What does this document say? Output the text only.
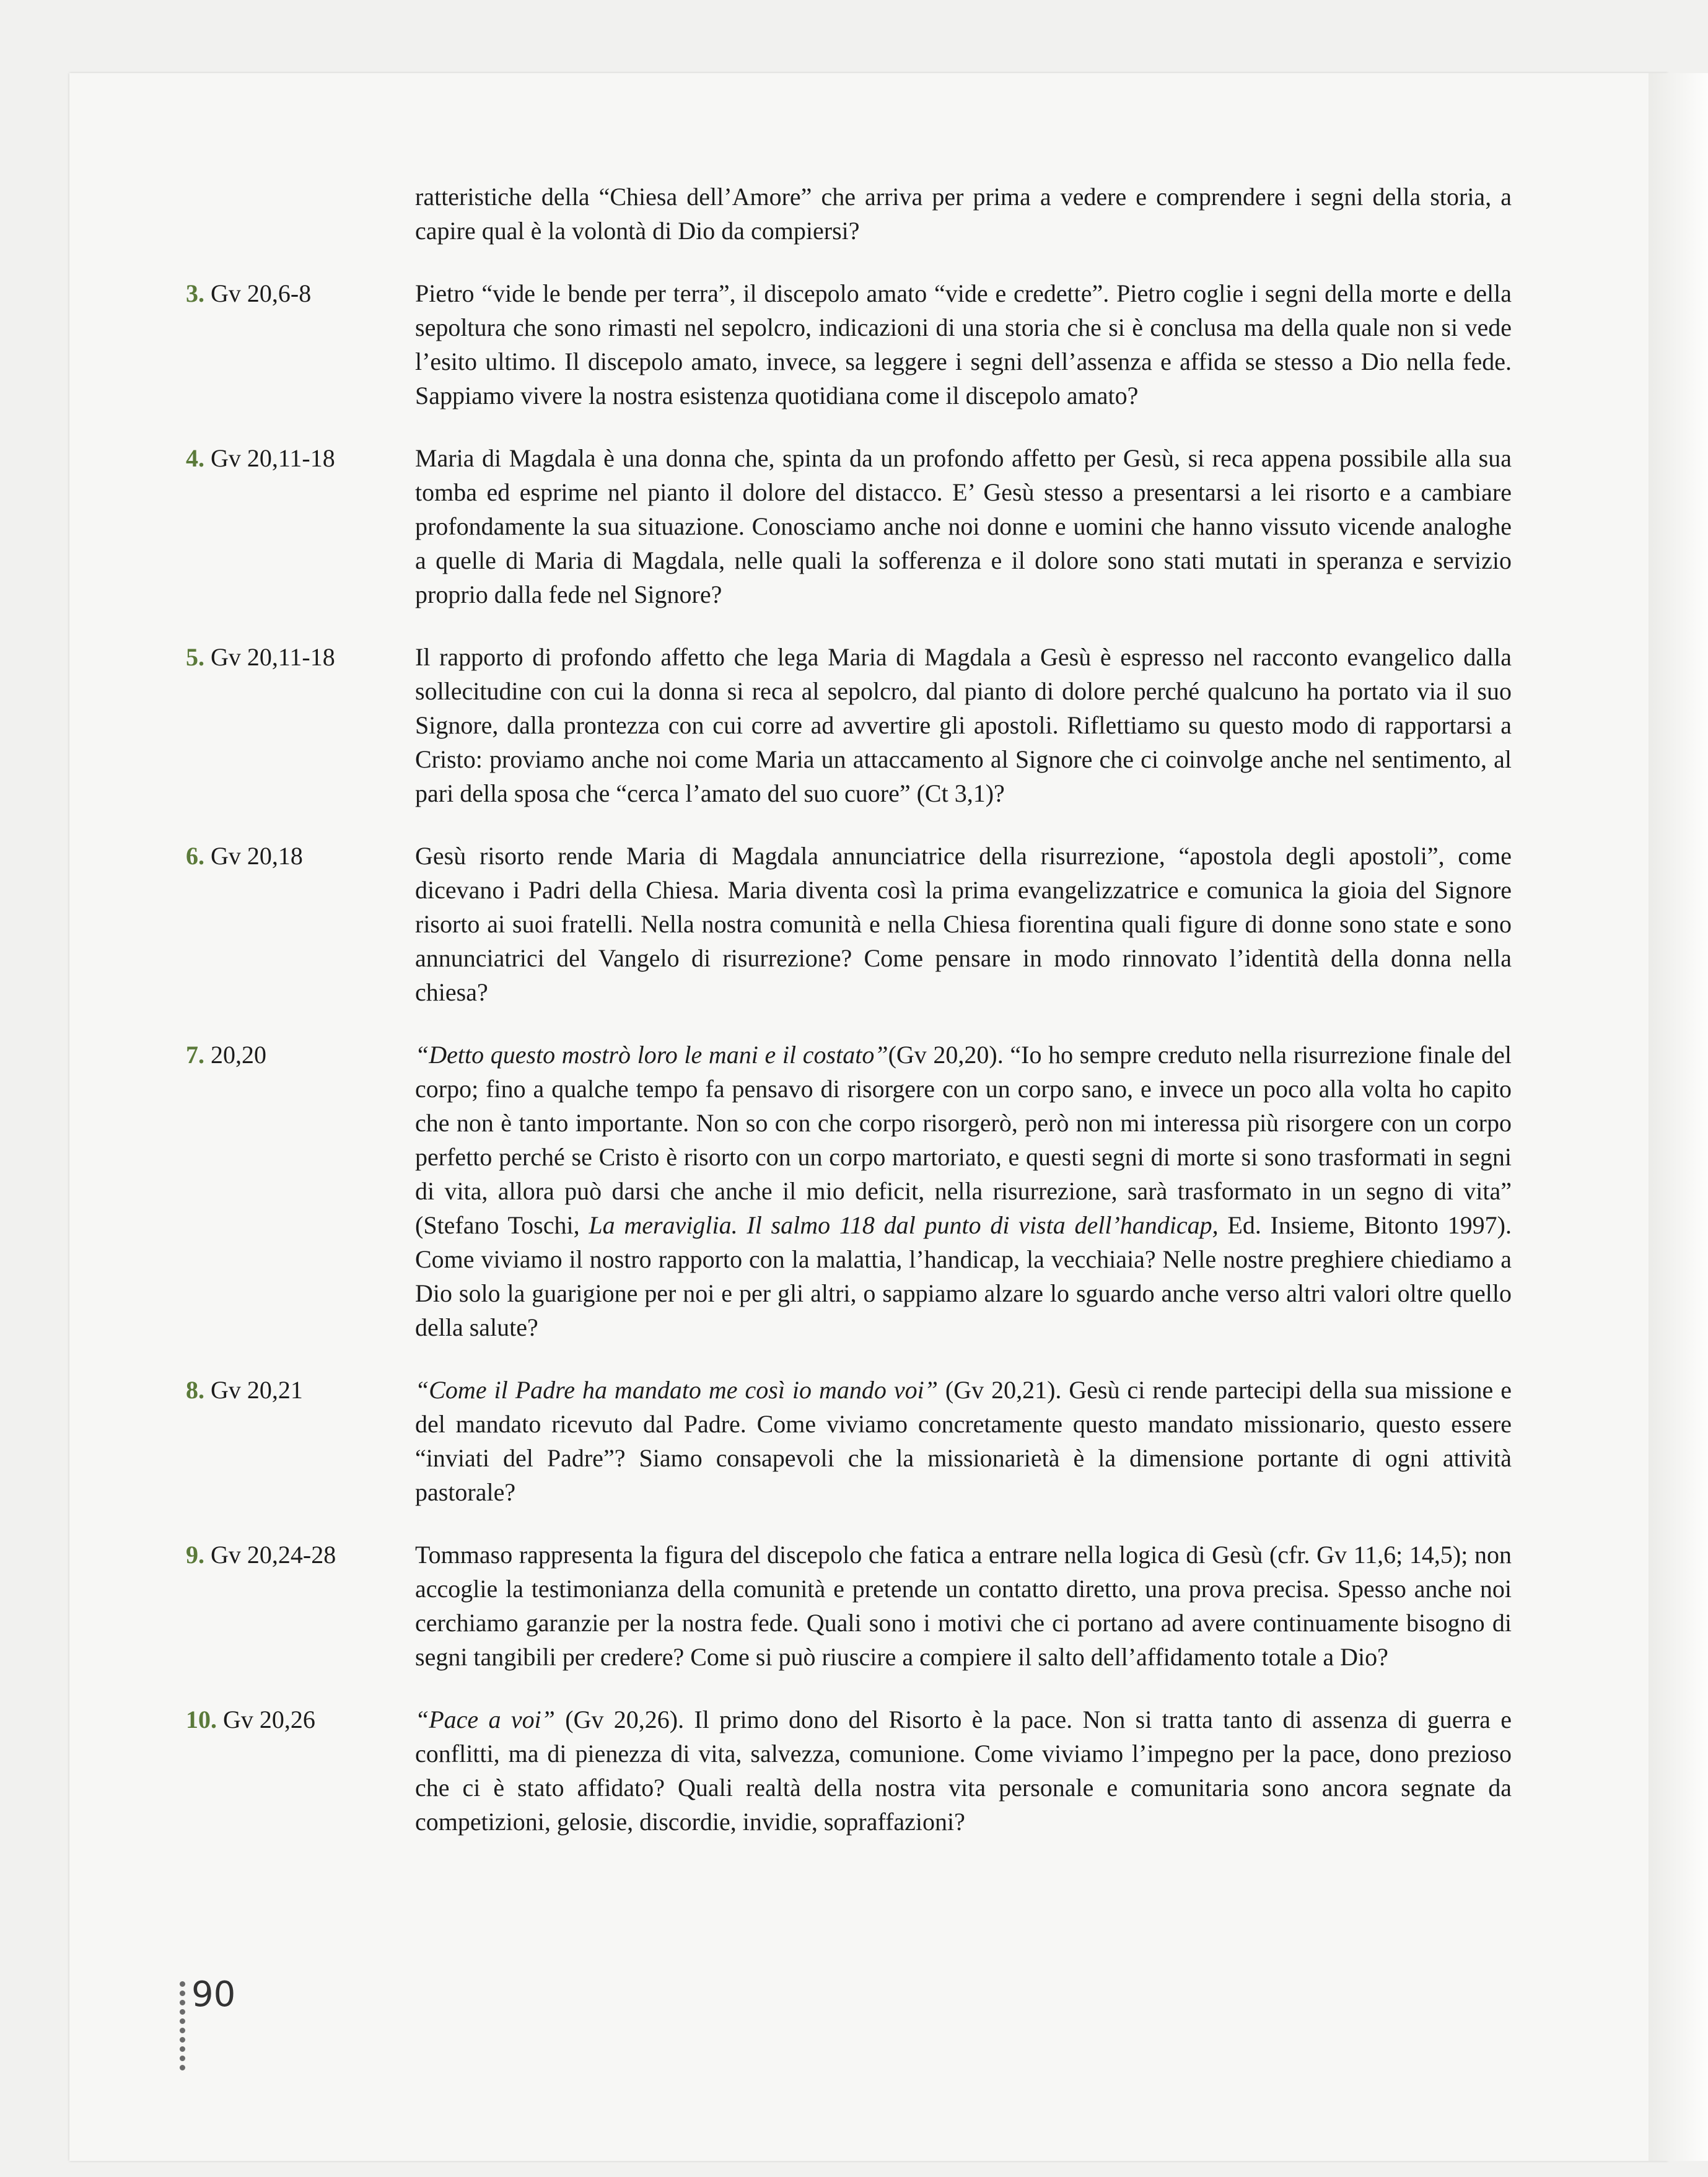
ratteristiche della “Chiesa dell’Amore” che arriva per prima a vedere e comprendere i segni della storia, a capire qual è la volontà di Dio da compiersi?
3. Gv 20,6-8	Pietro “vide le bende per terra”, il discepolo amato “vide e credette”. Pietro coglie i segni della morte e della sepoltura che sono rimasti nel sepolcro, indicazioni di una storia che si è conclusa ma della quale non si vede l’esito ultimo. Il discepolo amato, invece, sa leggere i segni dell’assenza e affida se stesso a Dio nella fede. Sappiamo vivere la nostra esistenza quotidiana come il discepolo amato?
4. Gv 20,11-18	Maria di Magdala è una donna che, spinta da un profondo affetto per Gesù, si reca appena possibile alla sua tomba ed esprime nel pianto il dolore del distacco. E’ Gesù stesso a presentarsi a lei risorto e a cambiare profondamente la sua situazione. Conosciamo anche noi donne e uomini che hanno vissuto vicende analoghe a quelle di Maria di Magdala, nelle quali la sofferenza e il dolore sono stati mutati in speranza e servizio proprio dalla fede nel Signore?
5. Gv 20,11-18	Il rapporto di profondo affetto che lega Maria di Magdala a Gesù è espresso nel racconto evangelico dalla sollecitudine con cui la donna si reca al sepolcro, dal pianto di dolore perché qualcuno ha portato via il suo Signore, dalla prontezza con cui corre ad avvertire gli apostoli. Riflettiamo su questo modo di rapportarsi a Cristo: proviamo anche noi come Maria un attaccamento al Signore che ci coinvolge anche nel sentimento, al pari della sposa che “cerca l’amato del suo cuore” (Ct 3,1)?
6. Gv 20,18	Gesù risorto rende Maria di Magdala annunciatrice della risurrezione, “apostola degli apostoli”, come dicevano i Padri della Chiesa. Maria diventa così la prima evangelizzatrice e comunica la gioia del Signore risorto ai suoi fratelli. Nella nostra comunità e nella Chiesa fiorentina quali figure di donne sono state e sono annunciatrici del Vangelo di risurrezione? Come pensare in modo rinnovato l’identità della donna nella chiesa?
7. 20,20	“Detto questo mostrò loro le mani e il costato”(Gv 20,20). “Io ho sempre creduto nella risurrezione finale del corpo; fino a qualche tempo fa pensavo di risorgere con un corpo sano, e invece un poco alla volta ho capito che non è tanto importante. Non so con che corpo risorgerò, però non mi interessa più risorgere con un corpo perfetto perché se Cristo è risorto con un corpo martoriato, e questi segni di morte si sono trasformati in segni di vita, allora può darsi che anche il mio deficit, nella risurrezione, sarà trasformato in un segno di vita” (Stefano Toschi, La meraviglia. Il salmo 118 dal punto di vista dell’handicap, Ed. Insieme, Bitonto 1997). Come viviamo il nostro rapporto con la malattia, l’handicap, la vecchiaia? Nelle nostre preghiere chiediamo a Dio solo la guarigione per noi e per gli altri, o sappiamo alzare lo sguardo anche verso altri valori oltre quello della salute?
8. Gv 20,21	“Come il Padre ha mandato me così io mando voi” (Gv 20,21). Gesù ci rende partecipi della sua missione e del mandato ricevuto dal Padre. Come viviamo concretamente questo mandato missionario, questo essere “inviati del Padre”? Siamo consapevoli che la missionarietà è la dimensione portante di ogni attività pastorale?
9. Gv 20,24-28	Tommaso rappresenta la figura del discepolo che fatica a entrare nella logica di Gesù (cfr. Gv 11,6; 14,5); non accoglie la testimonianza della comunità e pretende un contatto diretto, una prova precisa. Spesso anche noi cerchiamo garanzie per la nostra fede. Quali sono i motivi che ci portano ad avere continuamente bisogno di segni tangibili per credere? Come si può riuscire a compiere il salto dell’affidamento totale a Dio?
10. Gv 20,26	“Pace a voi” (Gv 20,26). Il primo dono del Risorto è la pace. Non si tratta tanto di assenza di guerra e conflitti, ma di pienezza di vita, salvezza, comunione. Come viviamo l’impegno per la pace, dono prezioso che ci è stato affidato? Quali realtà della nostra vita personale e comunitaria sono ancora segnate da competizioni, gelosie, discordie, invidie, sopraffazioni?
90
